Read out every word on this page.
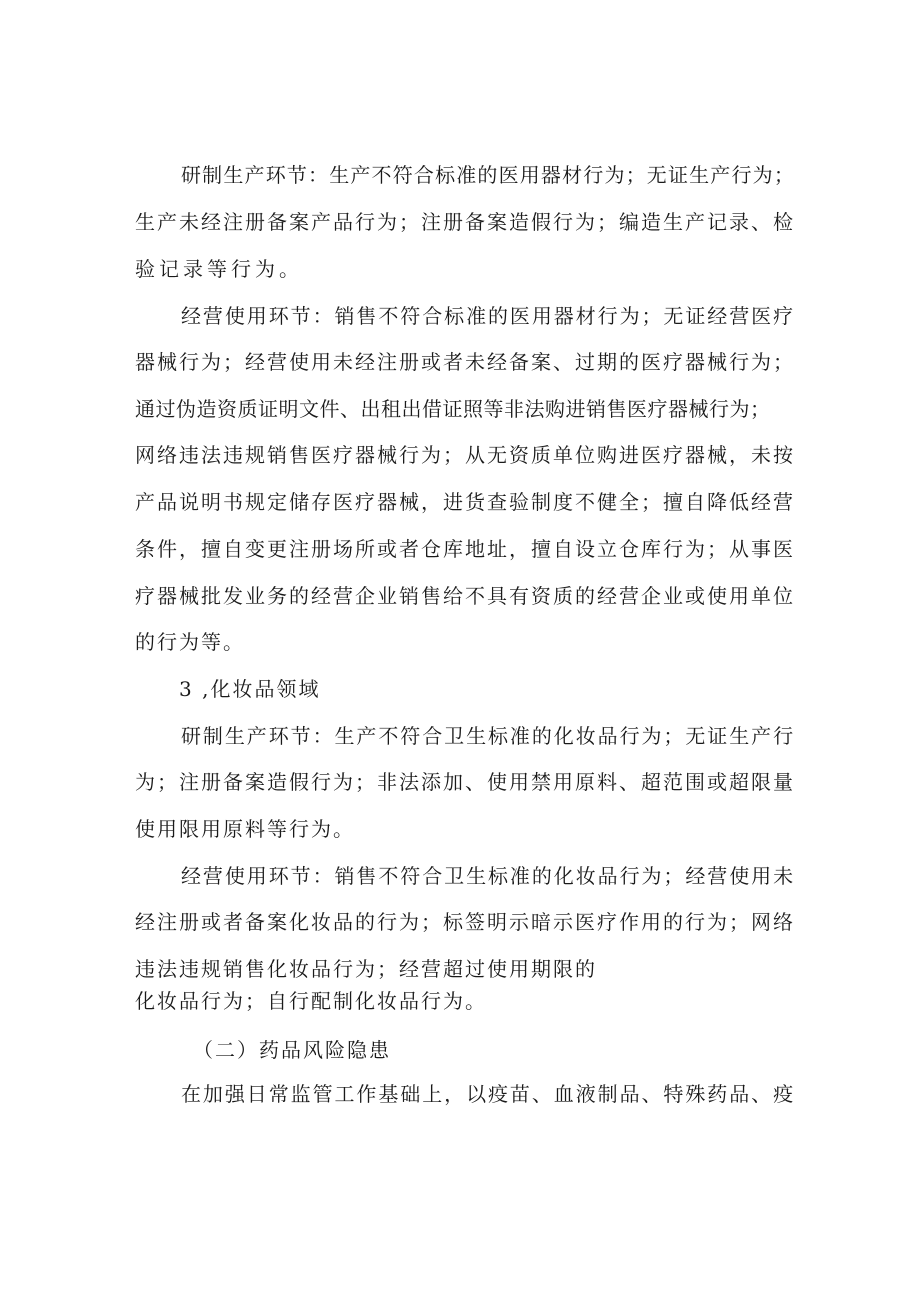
研制生产环节：生产不符合标准的医用器材行为；无证生产行为；
生产未经注册备案产品行为；注册备案造假行为；编造生产记录、检
验记录等行为。
经营使用环节：销售不符合标准的医用器材行为；无证经营医疗
器械行为；经营使用未经注册或者未经备案、过期的医疗器械行为；
通过伪造资质证明文件、出租出借证照等非法购进销售医疗器械行为；
网络违法违规销售医疗器械行为；从无资质单位购进医疗器械，未按
产品说明书规定储存医疗器械，进货查验制度不健全；擅自降低经营
条件，擅自变更注册场所或者仓库地址，擅自设立仓库行为；从事医
疗器械批发业务的经营企业销售给不具有资质的经营企业或使用单位
的行为等。
3 ,化妆品领域
研制生产环节：生产不符合卫生标准的化妆品行为；无证生产行
为；注册备案造假行为；非法添加、使用禁用原料、超范围或超限量
使用限用原料等行为。
经营使用环节：销售不符合卫生标准的化妆品行为；经营使用未
经注册或者备案化妆品的行为；标签明示暗示医疗作用的行为；网络
违法违规销售化妆品行为；经营超过使用期限的
化妆品行为；自行配制化妆品行为。
（二）药品风险隐患
在加强日常监管工作基础上，以疫苗、血液制品、特殊药品、疫
